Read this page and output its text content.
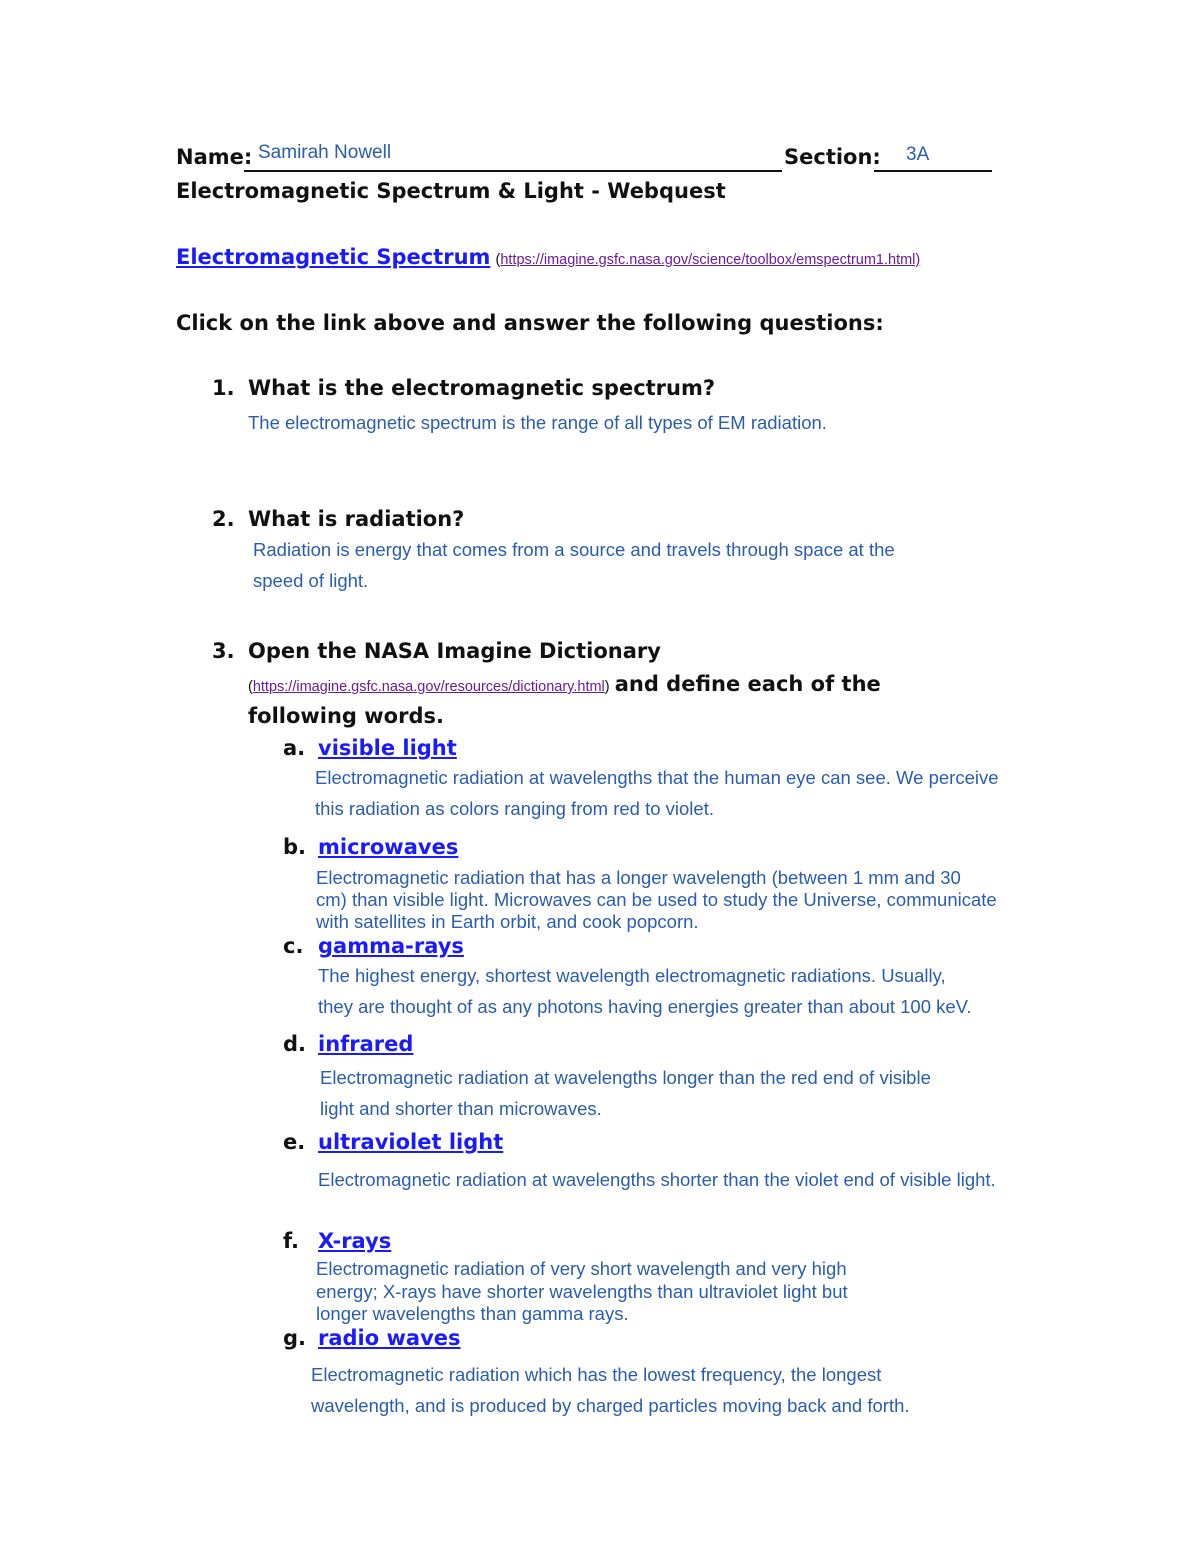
Name: Samirah Nowell	Section: 3A
Electromagnetic Spectrum & Light - Webquest
Electromagnetic Spectrum (https://imagine.gsfc.nasa.gov/science/toolbox/emspectrum1.html)
Click on the link above and answer the following questions:
1. What is the electromagnetic spectrum?
The electromagnetic spectrum is the range of all types of EM radiation.
2. What is radiation?
Radiation is energy that comes from a source and travels through space at the
speed of light.
3. Open the NASA Imagine Dictionary
(https://imagine.gsfc.nasa.gov/resources/dictionary.html) and define each of the
following words.
a. visible light
Electromagnetic radiation at wavelengths that the human eye can see. We perceive
this radiation as colors ranging from red to violet.
b. microwaves
Electromagnetic radiation that has a longer wavelength (between 1 mm and 30
cm) than visible light. Microwaves can be used to study the Universe, communicate
with satellites in Earth orbit, and cook popcorn.
c. gamma-rays
The highest energy, shortest wavelength electromagnetic radiations. Usually,
they are thought of as any photons having energies greater than about 100 keV.
d. infrared
Electromagnetic radiation at wavelengths longer than the red end of visible
light and shorter than microwaves.
e. ultraviolet light
Electromagnetic radiation at wavelengths shorter than the violet end of visible light.
f. X-rays
Electromagnetic radiation of very short wavelength and very high
energy; X-rays have shorter wavelengths than ultraviolet light but
longer wavelengths than gamma rays.
g. radio waves
Electromagnetic radiation which has the lowest frequency, the longest
wavelength, and is produced by charged particles moving back and forth.
